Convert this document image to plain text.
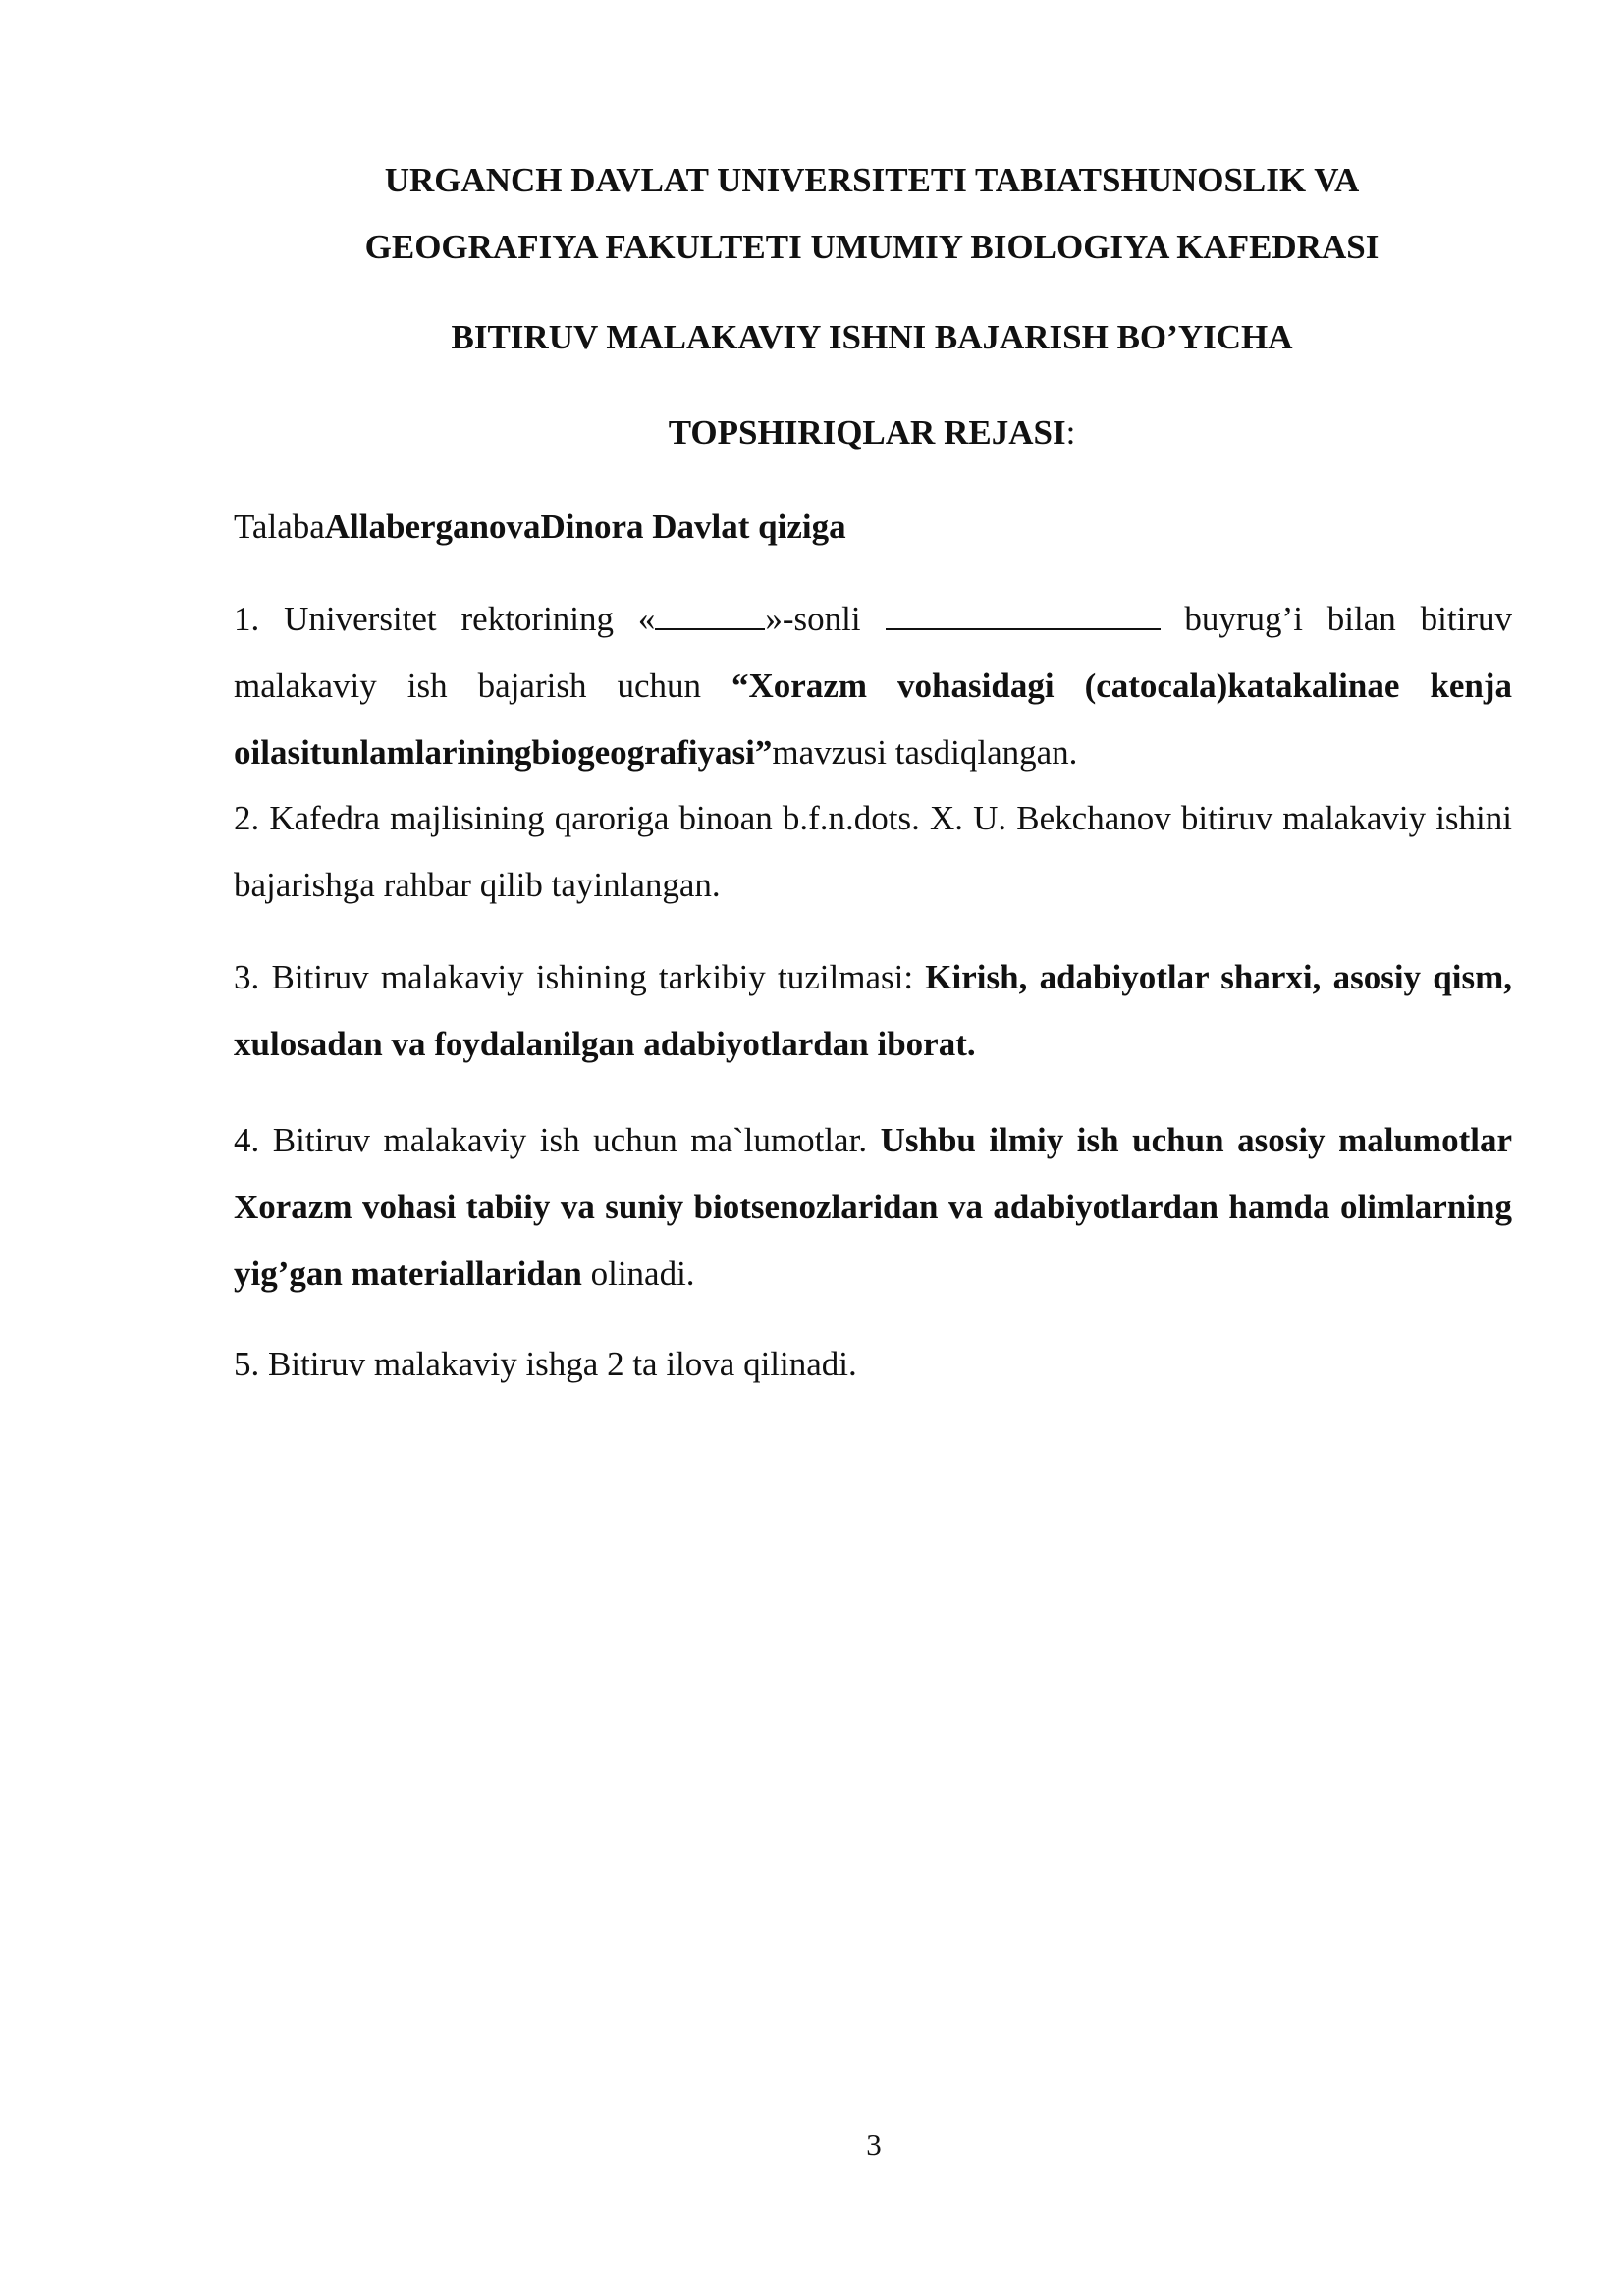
URGANCH DAVLAT UNIVERSITETI TABIATSHUNOSLIK VA
GEOGRAFIYA FAKULTETI UMUMIY BIOLOGIYA KAFEDRASI
BITIRUV MALAKAVIY ISHNI BAJARISH BO’YICHA
TOPSHIRIQLAR REJASI:

TalabaAllaberganovaDinora Davlat qiziga

1. Universitet rektorining «	»-sonli	buyrug’i bilan bitiruv malakaviy ish bajarish uchun “Xorazm vohasidagi (catocala)katakalinae kenja oilasitunlamlariningbiogeografiyasi”mavzusi tasdiqlangan.

2. Kafedra majlisining qaroriga binoan b.f.n.dots. X. U. Bekchanov bitiruv malakaviy ishini bajarishga rahbar qilib tayinlangan.

3. Bitiruv malakaviy ishining tarkibiy tuzilmasi: Kirish, adabiyotlar sharxi, asosiy qism, xulosadan va foydalanilgan adabiyotlardan iborat.

4. Bitiruv malakaviy ish uchun ma`lumotlar. Ushbu ilmiy ish uchun asosiy malumotlar Xorazm vohasi tabiiy va suniy biotsenozlaridan va adabiyotlardan hamda olimlarning yig’gan materiallaridan olinadi.

5. Bitiruv malakaviy ishga 2 ta ilova qilinadi.

3
